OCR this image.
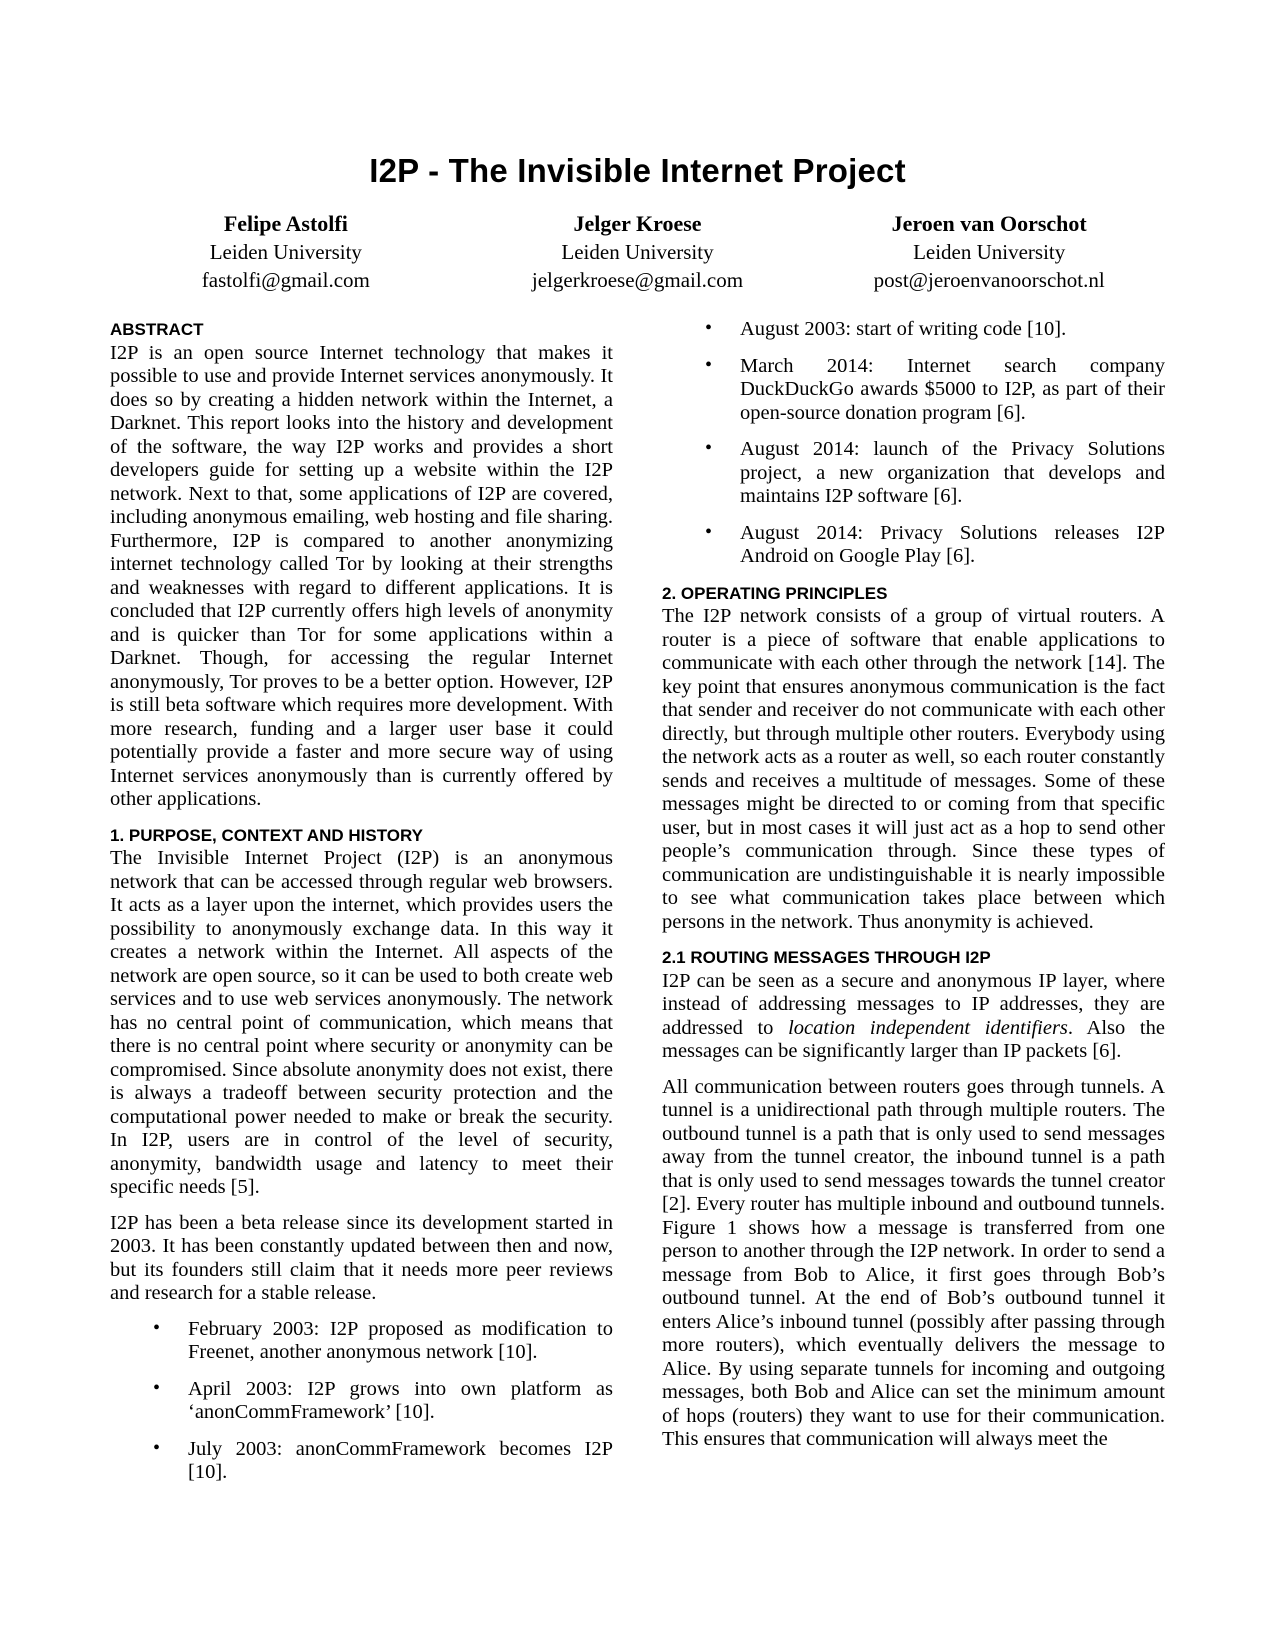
I2P - The Invisible Internet Project
Felipe Astolfi
Leiden University
fastolfi@gmail.com
Jelger Kroese
Leiden University
jelgerkroese@gmail.com
Jeroen van Oorschot
Leiden University
post@jeroenvanoorschot.nl
ABSTRACT

I2P is an open source Internet technology that makes it possible to use and provide Internet services anonymously. It does so by creating a hidden network within the Internet, a Darknet. This report looks into the history and development of the software, the way I2P works and provides a short developers guide for setting up a website within the I2P network. Next to that, some applications of I2P are covered, including anonymous emailing, web hosting and file sharing. Furthermore, I2P is compared to another anonymizing internet technology called Tor by looking at their strengths and weaknesses with regard to different applications. It is concluded that I2P currently offers high levels of anonymity and is quicker than Tor for some applications within a Darknet. Though, for accessing the regular Internet anonymously, Tor proves to be a better option. However, I2P is still beta software which requires more development. With more research, funding and a larger user base it could potentially provide a faster and more secure way of using Internet services anonymously than is currently offered by other applications.

1. PURPOSE, CONTEXT AND HISTORY

The Invisible Internet Project (I2P) is an anonymous network that can be accessed through regular web browsers. It acts as a layer upon the internet, which provides users the possibility to anonymously exchange data. In this way it creates a network within the Internet. All aspects of the network are open source, so it can be used to both create web services and to use web services anonymously. The network has no central point of communication, which means that there is no central point where security or anonymity can be compromised. Since absolute anonymity does not exist, there is always a tradeoff between security protection and the computational power needed to make or break the security. In I2P, users are in control of the level of security, anonymity, bandwidth usage and latency to meet their specific needs [5].

I2P has been a beta release since its development started in 2003. It has been constantly updated between then and now, but its founders still claim that it needs more peer reviews and research for a stable release.

• February 2003: I2P proposed as modification to Freenet, another anonymous network [10].
• April 2003: I2P grows into own platform as ‘anonCommFramework’ [10].
• July 2003: anonCommFramework becomes I2P [10].
• August 2003: start of writing code [10].
• March 2014: Internet search company DuckDuckGo awards $5000 to I2P, as part of their open-source donation program [6].
• August 2014: launch of the Privacy Solutions project, a new organization that develops and maintains I2P software [6].
• August 2014: Privacy Solutions releases I2P Android on Google Play [6].
2. OPERATING PRINCIPLES

The I2P network consists of a group of virtual routers. A router is a piece of software that enable applications to communicate with each other through the network [14]. The key point that ensures anonymous communication is the fact that sender and receiver do not communicate with each other directly, but through multiple other routers. Everybody using the network acts as a router as well, so each router constantly sends and receives a multitude of messages. Some of these messages might be directed to or coming from that specific user, but in most cases it will just act as a hop to send other people’s communication through. Since these types of communication are undistinguishable it is nearly impossible to see what communication takes place between which persons in the network. Thus anonymity is achieved.

2.1 ROUTING MESSAGES THROUGH I2P

I2P can be seen as a secure and anonymous IP layer, where instead of addressing messages to IP addresses, they are addressed to location independent identifiers. Also the messages can be significantly larger than IP packets [6].

All communication between routers goes through tunnels. A tunnel is a unidirectional path through multiple routers. The outbound tunnel is a path that is only used to send messages away from the tunnel creator, the inbound tunnel is a path that is only used to send messages towards the tunnel creator [2]. Every router has multiple inbound and outbound tunnels. Figure 1 shows how a message is transferred from one person to another through the I2P network. In order to send a message from Bob to Alice, it first goes through Bob’s outbound tunnel. At the end of Bob’s outbound tunnel it enters Alice’s inbound tunnel (possibly after passing through more routers), which eventually delivers the message to Alice. By using separate tunnels for incoming and outgoing messages, both Bob and Alice can set the minimum amount of hops (routers) they want to use for their communication. This ensures that communication will always meet the
